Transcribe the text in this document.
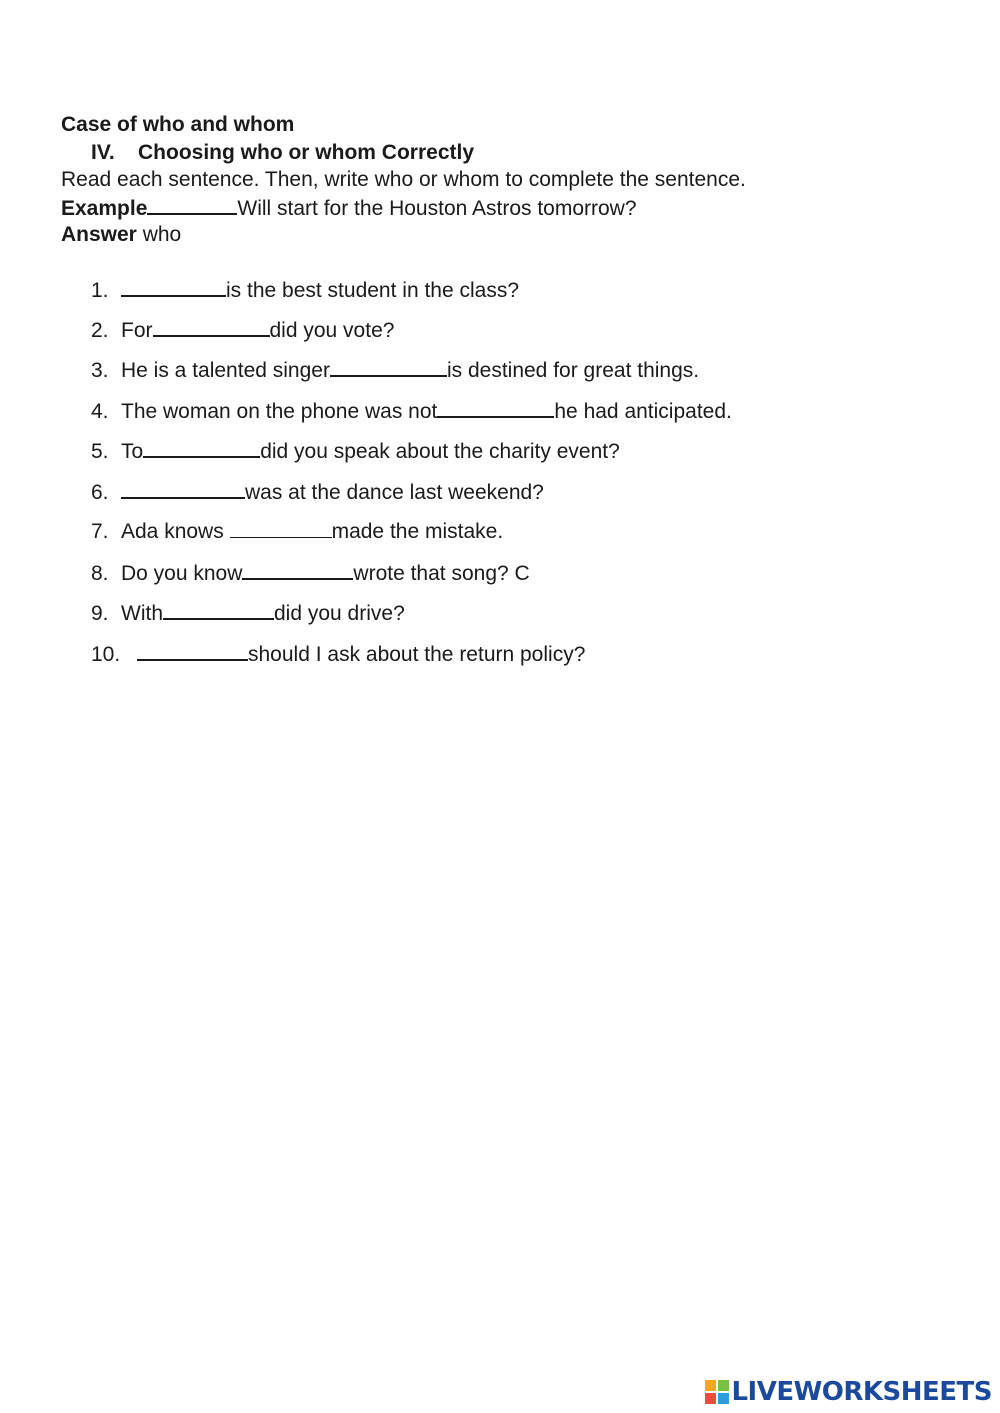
Case of who and whom
IV. Choosing who or whom Correctly
Read each sentence. Then, write who or whom to complete the sentence.
Example	Will start for the Houston Astros tomorrow?
Answer who
1.	is the best student in the class?
2. For	did you vote?
3. He is a talented singer	is destined for great things.
4. The woman on the phone was not	he had anticipated.
5. To	did you speak about the charity event?
6.	was at the dance last weekend?
7. Ada knows	made the mistake.
8. Do you know	wrote that song? C
9. With	did you drive?
10.	should I ask about the return policy?
LIVEWORKSHEETS
